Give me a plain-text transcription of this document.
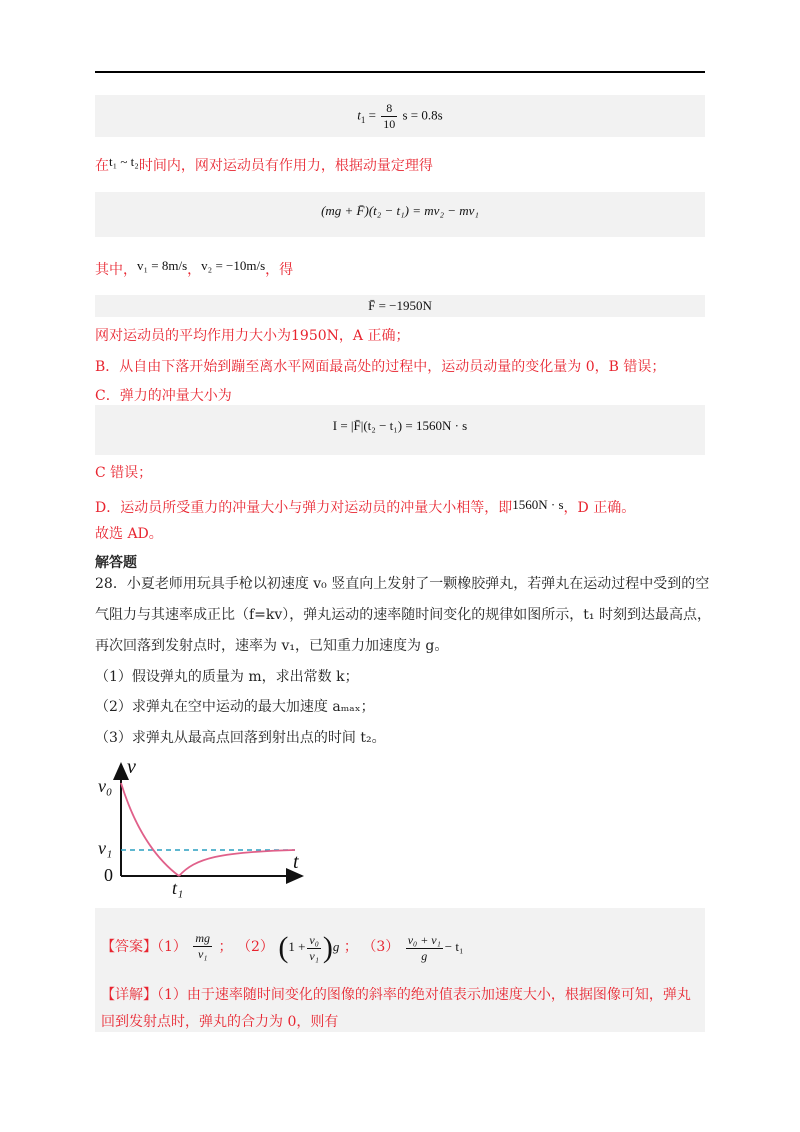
$t_1 = \frac{8}{10}$ s = 0.8s
在t₁ ~ t₂时间内，网对运动员有作用力，根据动量定理得
(mg + F̄)(t₂ − t₁) = mv₂ − mv₁
其中，v₁ = 8m/s，v₂ = −10m/s，得
F̄ = −1950N
网对运动员的平均作用力大小为1950N，A 正确；
B．从自由下落开始到蹦至离水平网面最高处的过程中，运动员动量的变化量为 0，B 错误；
C．弹力的冲量大小为
I = |F̄|(t₂ − t₁) = 1560N · s
C 错误；
D．运动员所受重力的冲量大小与弹力对运动员的冲量大小相等，即1560N · s，D 正确。
故选 AD。
解答题
28．小夏老师用玩具手枪以初速度 v₀ 竖直向上发射了一颗橡胶弹丸，若弹丸在运动过程中受到的空
气阻力与其速率成正比（f=kv），弹丸运动的速率随时间变化的规律如图所示，t₁ 时刻到达最高点，
再次回落到发射点时，速率为 v₁，已知重力加速度为 g。
（1）假设弹丸的质量为 m，求出常数 k；
（2）求弹丸在空中运动的最大加速度 aₘₐₓ；
（3）求弹丸从最高点回落到射出点的时间 t₂。
v
t
v₀
v₁
0
t₁
【答案】$(1) \frac{mg}{\text{v₁}}$ ； （2） $(1 + \frac{\text{v₀}}{\text{v₁}} )g$ ； $(3) \frac{\text{v₀ + v₁}}{g} - t_1$
【详解】（1）由于速率随时间变化的图像的斜率的绝对值表示加速度大小，根据图像可知，弹丸
回到发射点时，弹丸的合力为 0，则有
